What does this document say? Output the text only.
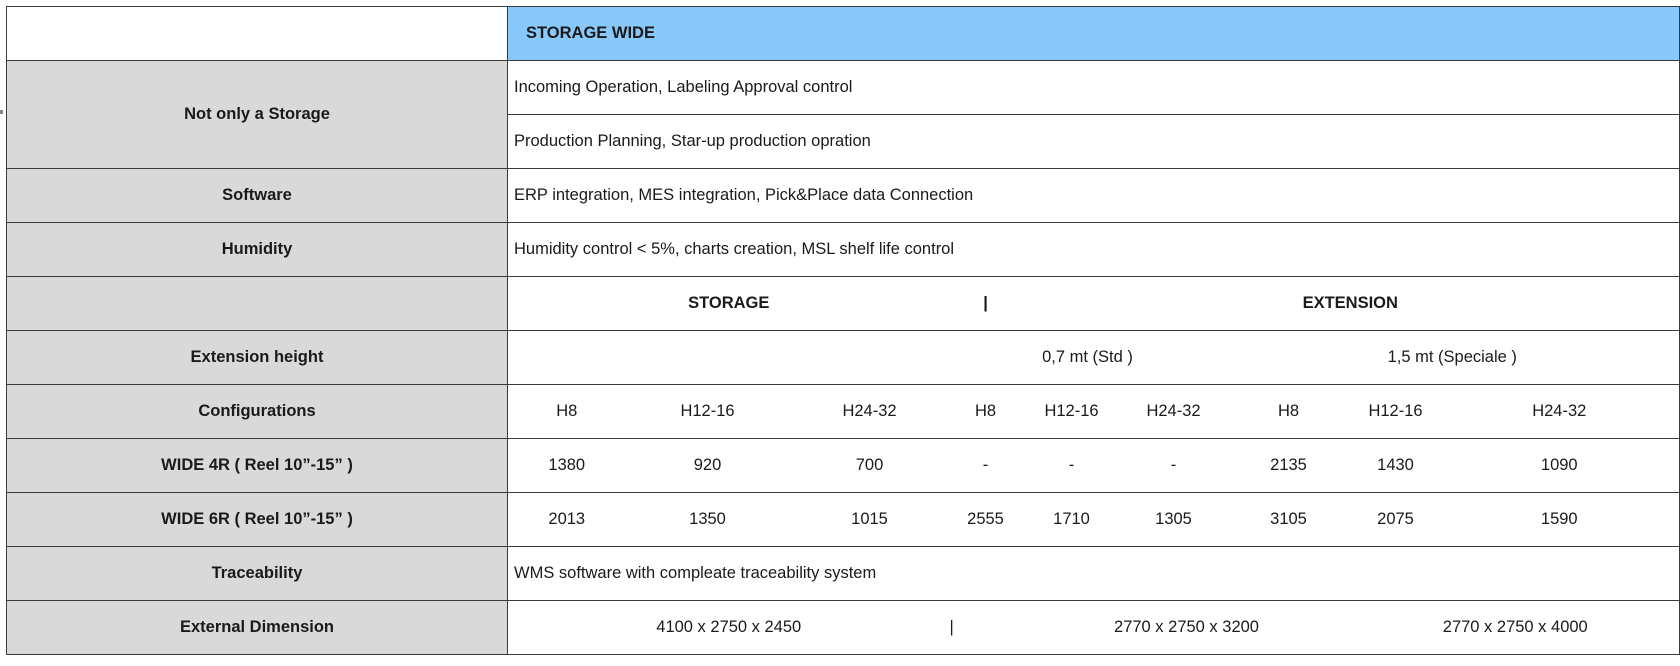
	STORAGE WIDE								
Not only a Storage	Incoming Operation, Labeling Approval control								
	Production Planning, Star-up production opration								
Software	ERP integration, MES integration, Pick&Place data Connection								
Humidity	Humidity control < 5%, charts creation, MSL shelf life control								
	STORAGE			|	EXTENSION				
Extension height				0,7 mt (Std )			1,5 mt (Speciale )		
Configurations	H8	H12-16	H24-32	H8	H12-16	H24-32	H8	H12-16	H24-32
WIDE 4R ( Reel 10”-15” )	1380	920	700	-	-	-	2135	1430	1090
WIDE 6R ( Reel 10”-15” )	2013	1350	1015	2555	1710	1305	3105	2075	1590
Traceability	WMS software with compleate traceability system								
External Dimension	4100 x 2750 x 2450			|	2770 x 2750 x 3200			2770 x 2750 x 4000	
